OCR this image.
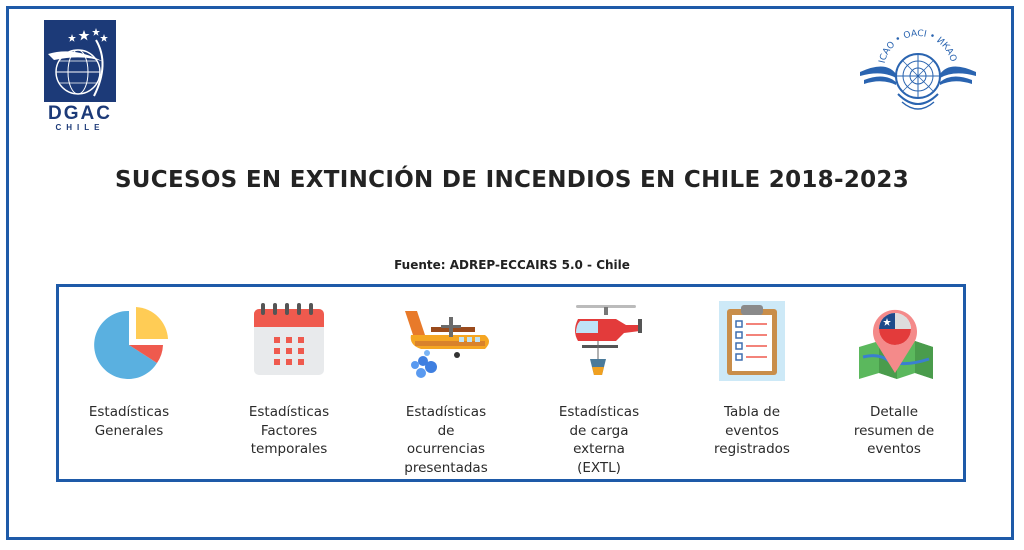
DGAC
CHILE
ICAO • OACI • ИКАО
SUCESOS EN EXTINCIÓN DE INCENDIOS EN CHILE 2018-2023
Fuente: ADREP-ECCAIRS 5.0 - Chile
Estadísticas
Generales
Estadísticas
Factores
temporales
Estadísticas
de
ocurrencias
presentadas
Estadísticas
de carga
externa
(EXTL)
Tabla de
eventos
registrados
Detalle
resumen de
eventos
